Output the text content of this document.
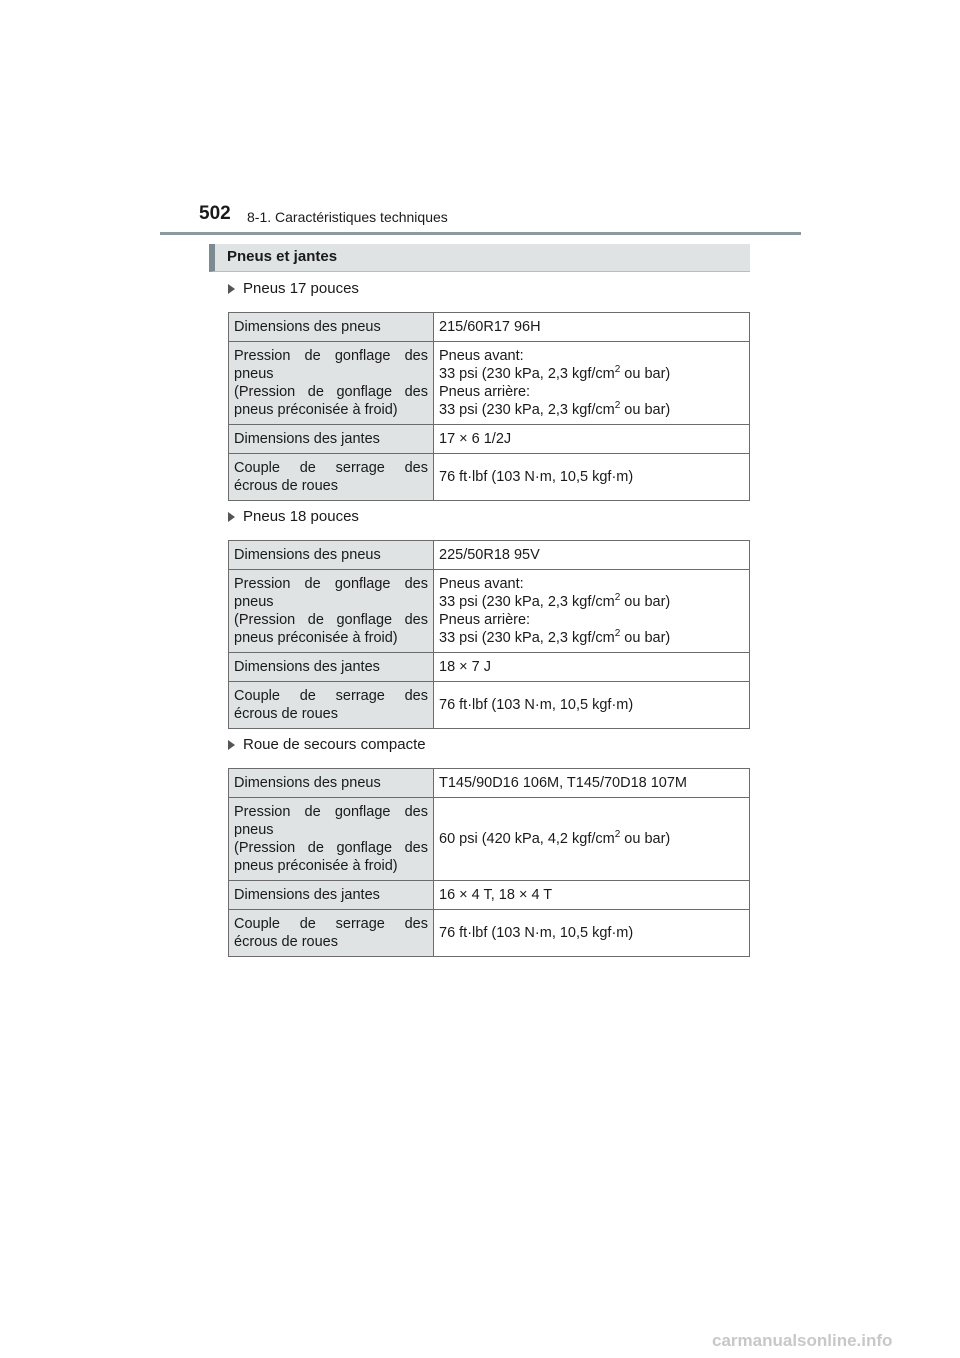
502 8-1. Caractéristiques techniques
Pneus et jantes
Pneus 17 pouces
Dimensions des pneus	215/60R17 96H

Pression de gonflage des pneus
(Pression de gonflage des pneus préconisée à froid)	Pneus avant:
33 psi (230 kPa, 2,3 kgf/$cm^2$ ou bar)
Pneus arrière:
33 psi (230 kPa, 2,3 kgf/$cm^2$ ou bar)

Dimensions des jantes	17 × 6 1/2J
Couple de serrage des écrous de roues	76 ft·lbf (103 N·m, 10,5 kgf·m)
Pneus 18 pouces
Dimensions des pneus	225/50R18 95V

Pression de gonflage des pneus
(Pression de gonflage des pneus préconisée à froid)	Pneus avant:
33 psi (230 kPa, 2,3 kgf/$cm^2$ ou bar)
Pneus arrière:
33 psi (230 kPa, 2,3 kgf/$cm^2$ ou bar)

Dimensions des jantes	18 × 7 J
Couple de serrage des écrous de roues	76 ft·lbf (103 N·m, 10,5 kgf·m)
Roue de secours compacte
Dimensions des pneus	T145/90D16 106M, T145/70D18 107M

Pression de gonflage des pneus
(Pression de gonflage des pneus préconisée à froid)	60 psi (420 kPa, 4,2 kgf/$cm^2$ ou bar)

Dimensions des jantes	16 × 4 T, 18 × 4 T
Couple de serrage des écrous de roues	76 ft·lbf (103 N·m, 10,5 kgf·m)
carmanualsonline.info
